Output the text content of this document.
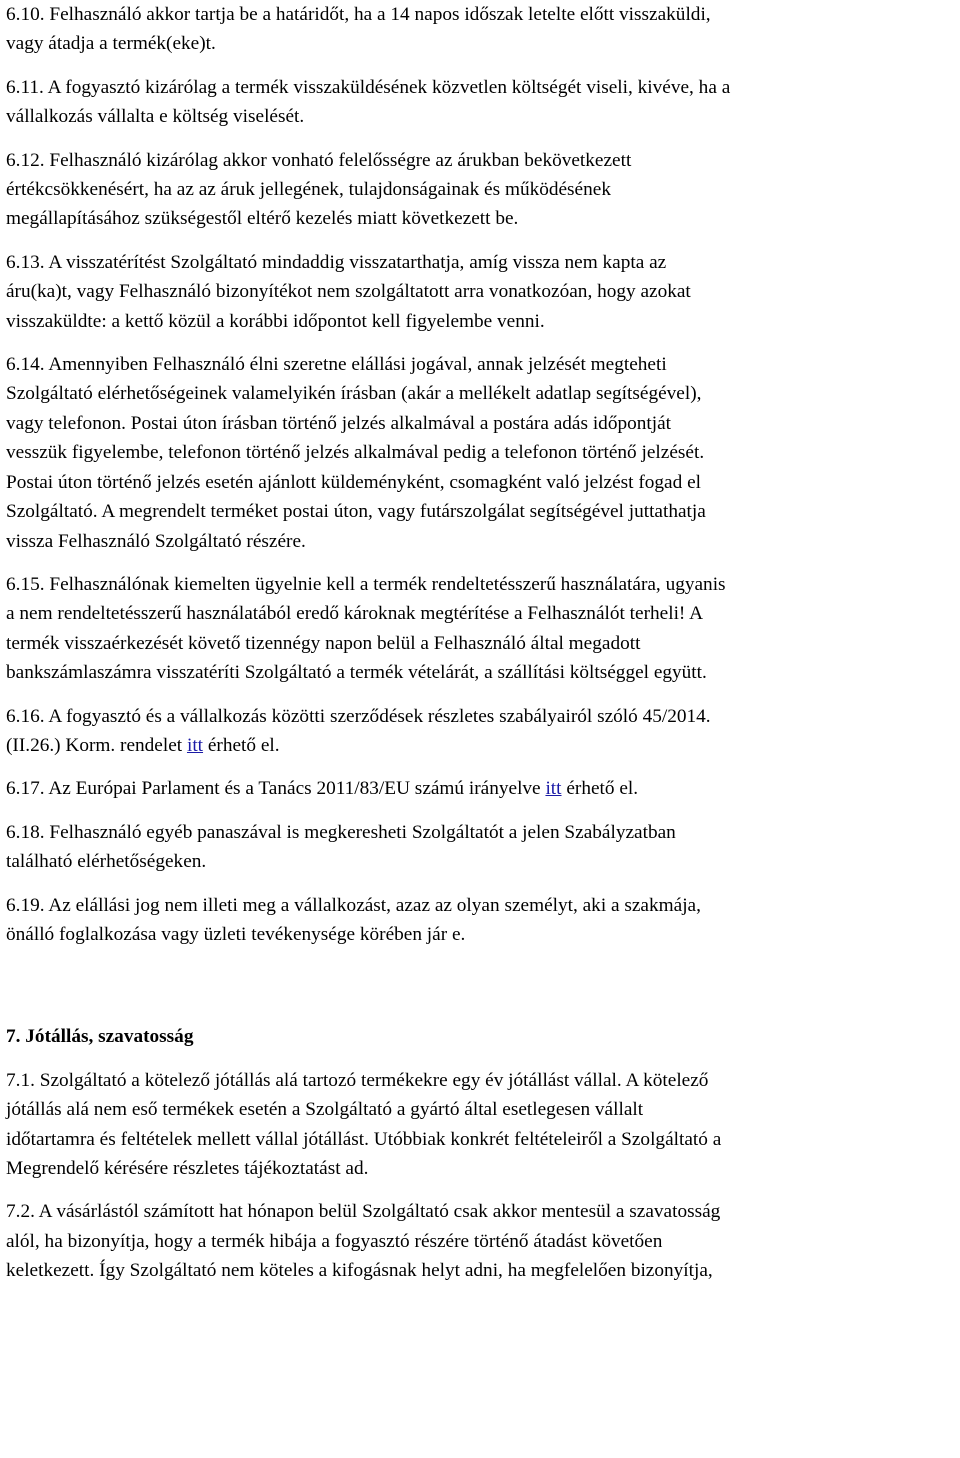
6.10. Felhasználó akkor tartja be a határidőt, ha a 14 napos időszak letelte előtt visszaküldi,
vagy átadja a termék(eke)t.

6.11. A fogyasztó kizárólag a termék visszaküldésének közvetlen költségét viseli, kivéve, ha a
vállalkozás vállalta e költség viselését.

6.12. Felhasználó kizárólag akkor vonható felelősségre az árukban bekövetkezett
értékcsökkenésért, ha az az áruk jellegének, tulajdonságainak és működésének
megállapításához szükségestől eltérő kezelés miatt következett be.

6.13. A visszatérítést Szolgáltató mindaddig visszatarthatja, amíg vissza nem kapta az
áru(ka)t, vagy Felhasználó bizonyítékot nem szolgáltatott arra vonatkozóan, hogy azokat
visszaküldte: a kettő közül a korábbi időpontot kell figyelembe venni.

6.14. Amennyiben Felhasználó élni szeretne elállási jogával, annak jelzését megteheti
Szolgáltató elérhetőségeinek valamelyikén írásban (akár a mellékelt adatlap segítségével),
vagy telefonon. Postai úton írásban történő jelzés alkalmával a postára adás időpontját
vesszük figyelembe, telefonon történő jelzés alkalmával pedig a telefonon történő jelzését.
Postai úton történő jelzés esetén ajánlott küldeményként, csomagként való jelzést fogad el
Szolgáltató. A megrendelt terméket postai úton, vagy futárszolgálat segítségével juttathatja
vissza Felhasználó Szolgáltató részére.

6.15. Felhasználónak kiemelten ügyelnie kell a termék rendeltetésszerű használatára, ugyanis
a nem rendeltetésszerű használatából eredő károknak megtérítése a Felhasználót terheli! A
termék visszaérkezését követő tizennégy napon belül a Felhasználó által megadott
bankszámlaszámra visszatéríti Szolgáltató a termék vételárát, a szállítási költséggel együtt.

6.16. A fogyasztó és a vállalkozás közötti szerződések részletes szabályairól szóló 45/2014.
(II.26.) Korm. rendelet itt érhető el.

6.17. Az Európai Parlament és a Tanács 2011/83/EU számú irányelve itt érhető el.

6.18. Felhasználó egyéb panaszával is megkeresheti Szolgáltatót a jelen Szabályzatban
található elérhetőségeken.

6.19. Az elállási jog nem illeti meg a vállalkozást, azaz az olyan személyt, aki a szakmája,
önálló foglalkozása vagy üzleti tevékenysége körében jár e.

7. Jótállás, szavatosság

7.1. Szolgáltató a kötelező jótállás alá tartozó termékekre egy év jótállást vállal. A kötelező
jótállás alá nem eső termékek esetén a Szolgáltató a gyártó által esetlegesen vállalt
időtartamra és feltételek mellett vállal jótállást. Utóbbiak konkrét feltételeiről a Szolgáltató a
Megrendelő kérésére részletes tájékoztatást ad.

7.2. A vásárlástól számított hat hónapon belül Szolgáltató csak akkor mentesül a szavatosság
alól, ha bizonyítja, hogy a termék hibája a fogyasztó részére történő átadást követően
keletkezett. Így Szolgáltató nem köteles a kifogásnak helyt adni, ha megfelelően bizonyítja,
